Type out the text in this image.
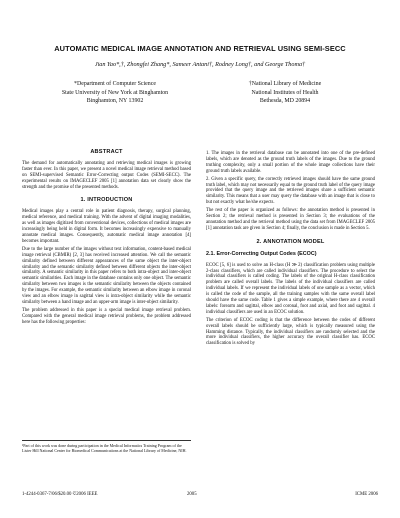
AUTOMATIC MEDICAL IMAGE ANNOTATION AND RETRIEVAL USING SEMI-SECC
Jian Yao*,†, Zhongfei Zhang*, Sameer Antani†, Rodney Long†, and George Thoma†
*Department of Computer Science
State University of New York at Binghamton
Binghamton, NY 13902
†National Library of Medicine
National Institutes of Health
Bethesda, MD 20894
ABSTRACT

The demand for automatically annotating and retrieving medical images is growing faster than ever. In this paper, we present a novel medical image retrieval method based on SEMI-supervised Semantic Error-Correcting output Codes (SEMI-SECC). The experimental results on IMAGECLEF 2005 [1] annotation data set clearly show the strength and the promise of the presented methods.

1. INTRODUCTION

Medical images play a central role in patient diagnosis, therapy, surgical planning, medical reference, and medical training. With the advent of digital imaging modalities, as well as images digitized from conventional devices, collections of medical images are increasingly being held in digital form. It becomes increasingly expensive to manually annotate medical images. Consequently, automatic medical image annotation [4] becomes important.

Due to the large number of the images without text information, content-based medical image retrieval (CBMIR) [2, 3] has received increased attention. We call the semantic similarity defined between different appearances of the same object the inter-object similarity and the semantic similarity defined between different objects the inter-object similarity. A semantic similarity in this paper refers to both intra-object and inter-object semantic similarities. Each image in the database contains only one object. The semantic similarity between two images is the semantic similarity between the objects contained by the images. For example, the semantic similarity between an elbow image in coronal view and an elbow image in sagittal view is intra-object similarity while the semantic similarity between a hand image and an upper-arm image is inter-object similarity.

The problem addressed in this paper is a special medical image retrieval problem. Compared with the general medical image retrieval problems, the problem addressed here has the following properties:

¹Part of this work was done during participation in the Medical Informatics Training Program of the Lister Hill National Center for Biomedical Communications at the National Library of Medicine, NIH.

1. The images in the retrieval database can be annotated into one of the pre-defined labels, which are denoted as the ground truth labels of the images. Due to the ground truthing complexity, only a small portion of the whole image collections have their ground truth labels available.

2. Given a specific query, the correctly retrieved images should have the same ground truth label, which may not necessarily equal to the ground truth label of the query image provided that the query image and the retrieved images share a sufficient semantic similarity. This means that a user may query the database with an image that is close to but not exactly what he/she expects.

The rest of the paper is organized as follows: the annotation method is presented in Section 2; the retrieval method is presented in Section 3; the evaluations of the annotation method and the retrieval method using the data set from IMAGECLEF 2005 [1] annotation task are given in Section 4; finally, the conclusion is made in Section 5.

2. ANNOTATION MODEL
2.1. Error-Correcting Output Codes (ECOC)

ECOC [5, 6] is used to solve an H-class (H ≫ 2) classification problem using multiple 2-class classifiers, which are called individual classifiers. The procedure to select the individual classifiers is called coding. The labels of the original H-class classification problem are called overall labels. The labels of the individual classifiers are called individual labels. If we represent the individual labels of one sample as a vector, which is called the code of the sample, all the training samples with the same overall label should have the same code. Table 1 gives a simple example, where there are 4 overall labels: forearm and sagittal, elbow and coronal, foot and axial, and foot and sagittal. 4 individual classifiers are used in an ECOC solution.

The criterion of ECOC coding is that the difference between the codes of different overall labels should be sufficiently large, which is typically measured using the Hamming distance. Typically, the individual classifiers are randomly selected and the more individual classifiers, the higher accuracy the overall classifier has. ECOC classification is solved by

1-4244-0367-7/06/$20.00 ©2006 IEEE	2005	ICME 2006
